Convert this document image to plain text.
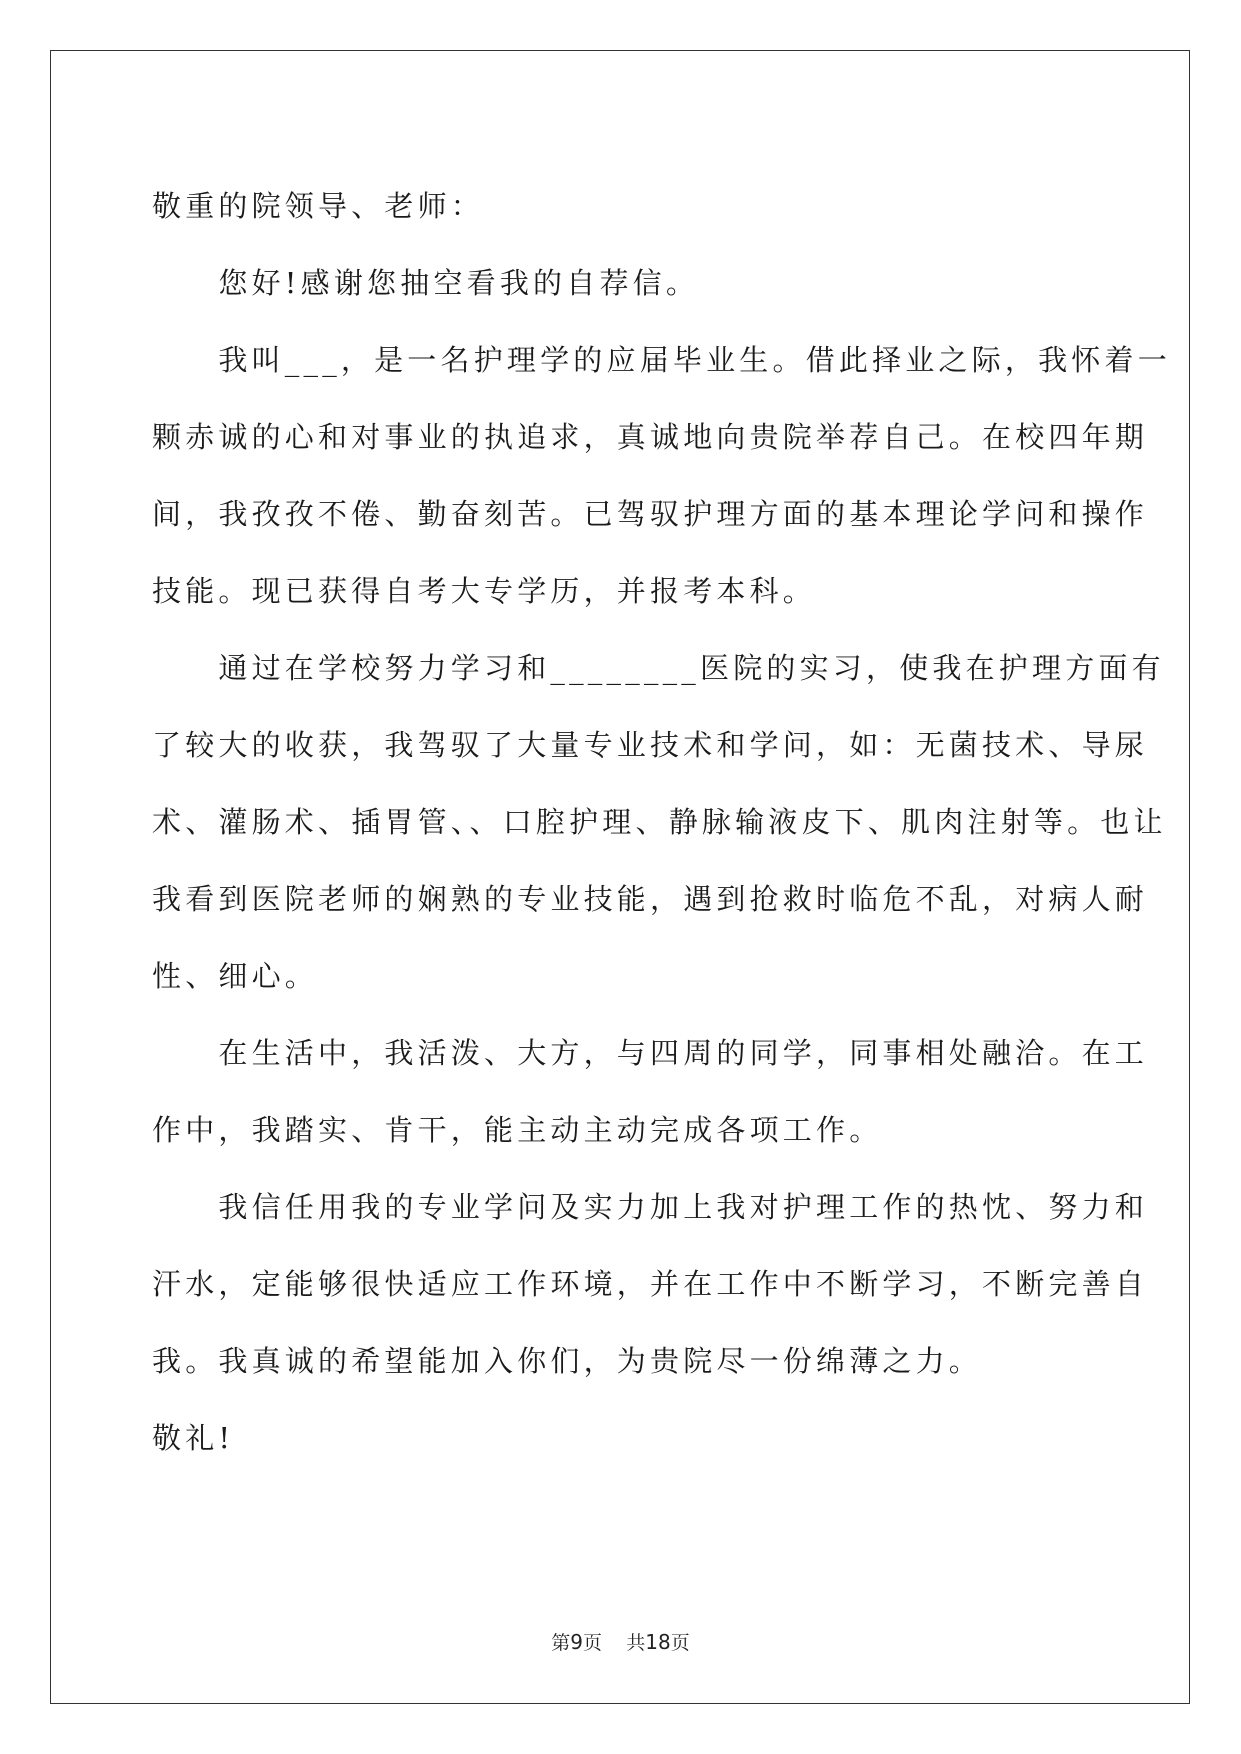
敬重的院领导、老师：
　　您好!感谢您抽空看我的自荐信。
　　我叫___，是一名护理学的应届毕业生。借此择业之际，我怀着一
颗赤诚的心和对事业的执追求，真诚地向贵院举荐自己。在校四年期
间，我孜孜不倦、勤奋刻苦。已驾驭护理方面的基本理论学问和操作
技能。现已获得自考大专学历，并报考本科。
　　通过在学校努力学习和________医院的实习，使我在护理方面有
了较大的收获，我驾驭了大量专业技术和学问，如：无菌技术、导尿
术、灌肠术、插胃管、、口腔护理、静脉输液皮下、肌肉注射等。也让
我看到医院老师的娴熟的专业技能，遇到抢救时临危不乱，对病人耐
性、细心。
　　在生活中，我活泼、大方，与四周的同学，同事相处融洽。在工
作中，我踏实、肯干，能主动主动完成各项工作。
　　我信任用我的专业学问及实力加上我对护理工作的热忱、努力和
汗水，定能够很快适应工作环境，并在工作中不断学习，不断完善自
我。我真诚的希望能加入你们，为贵院尽一份绵薄之力。
敬礼!
第9页 共18页
